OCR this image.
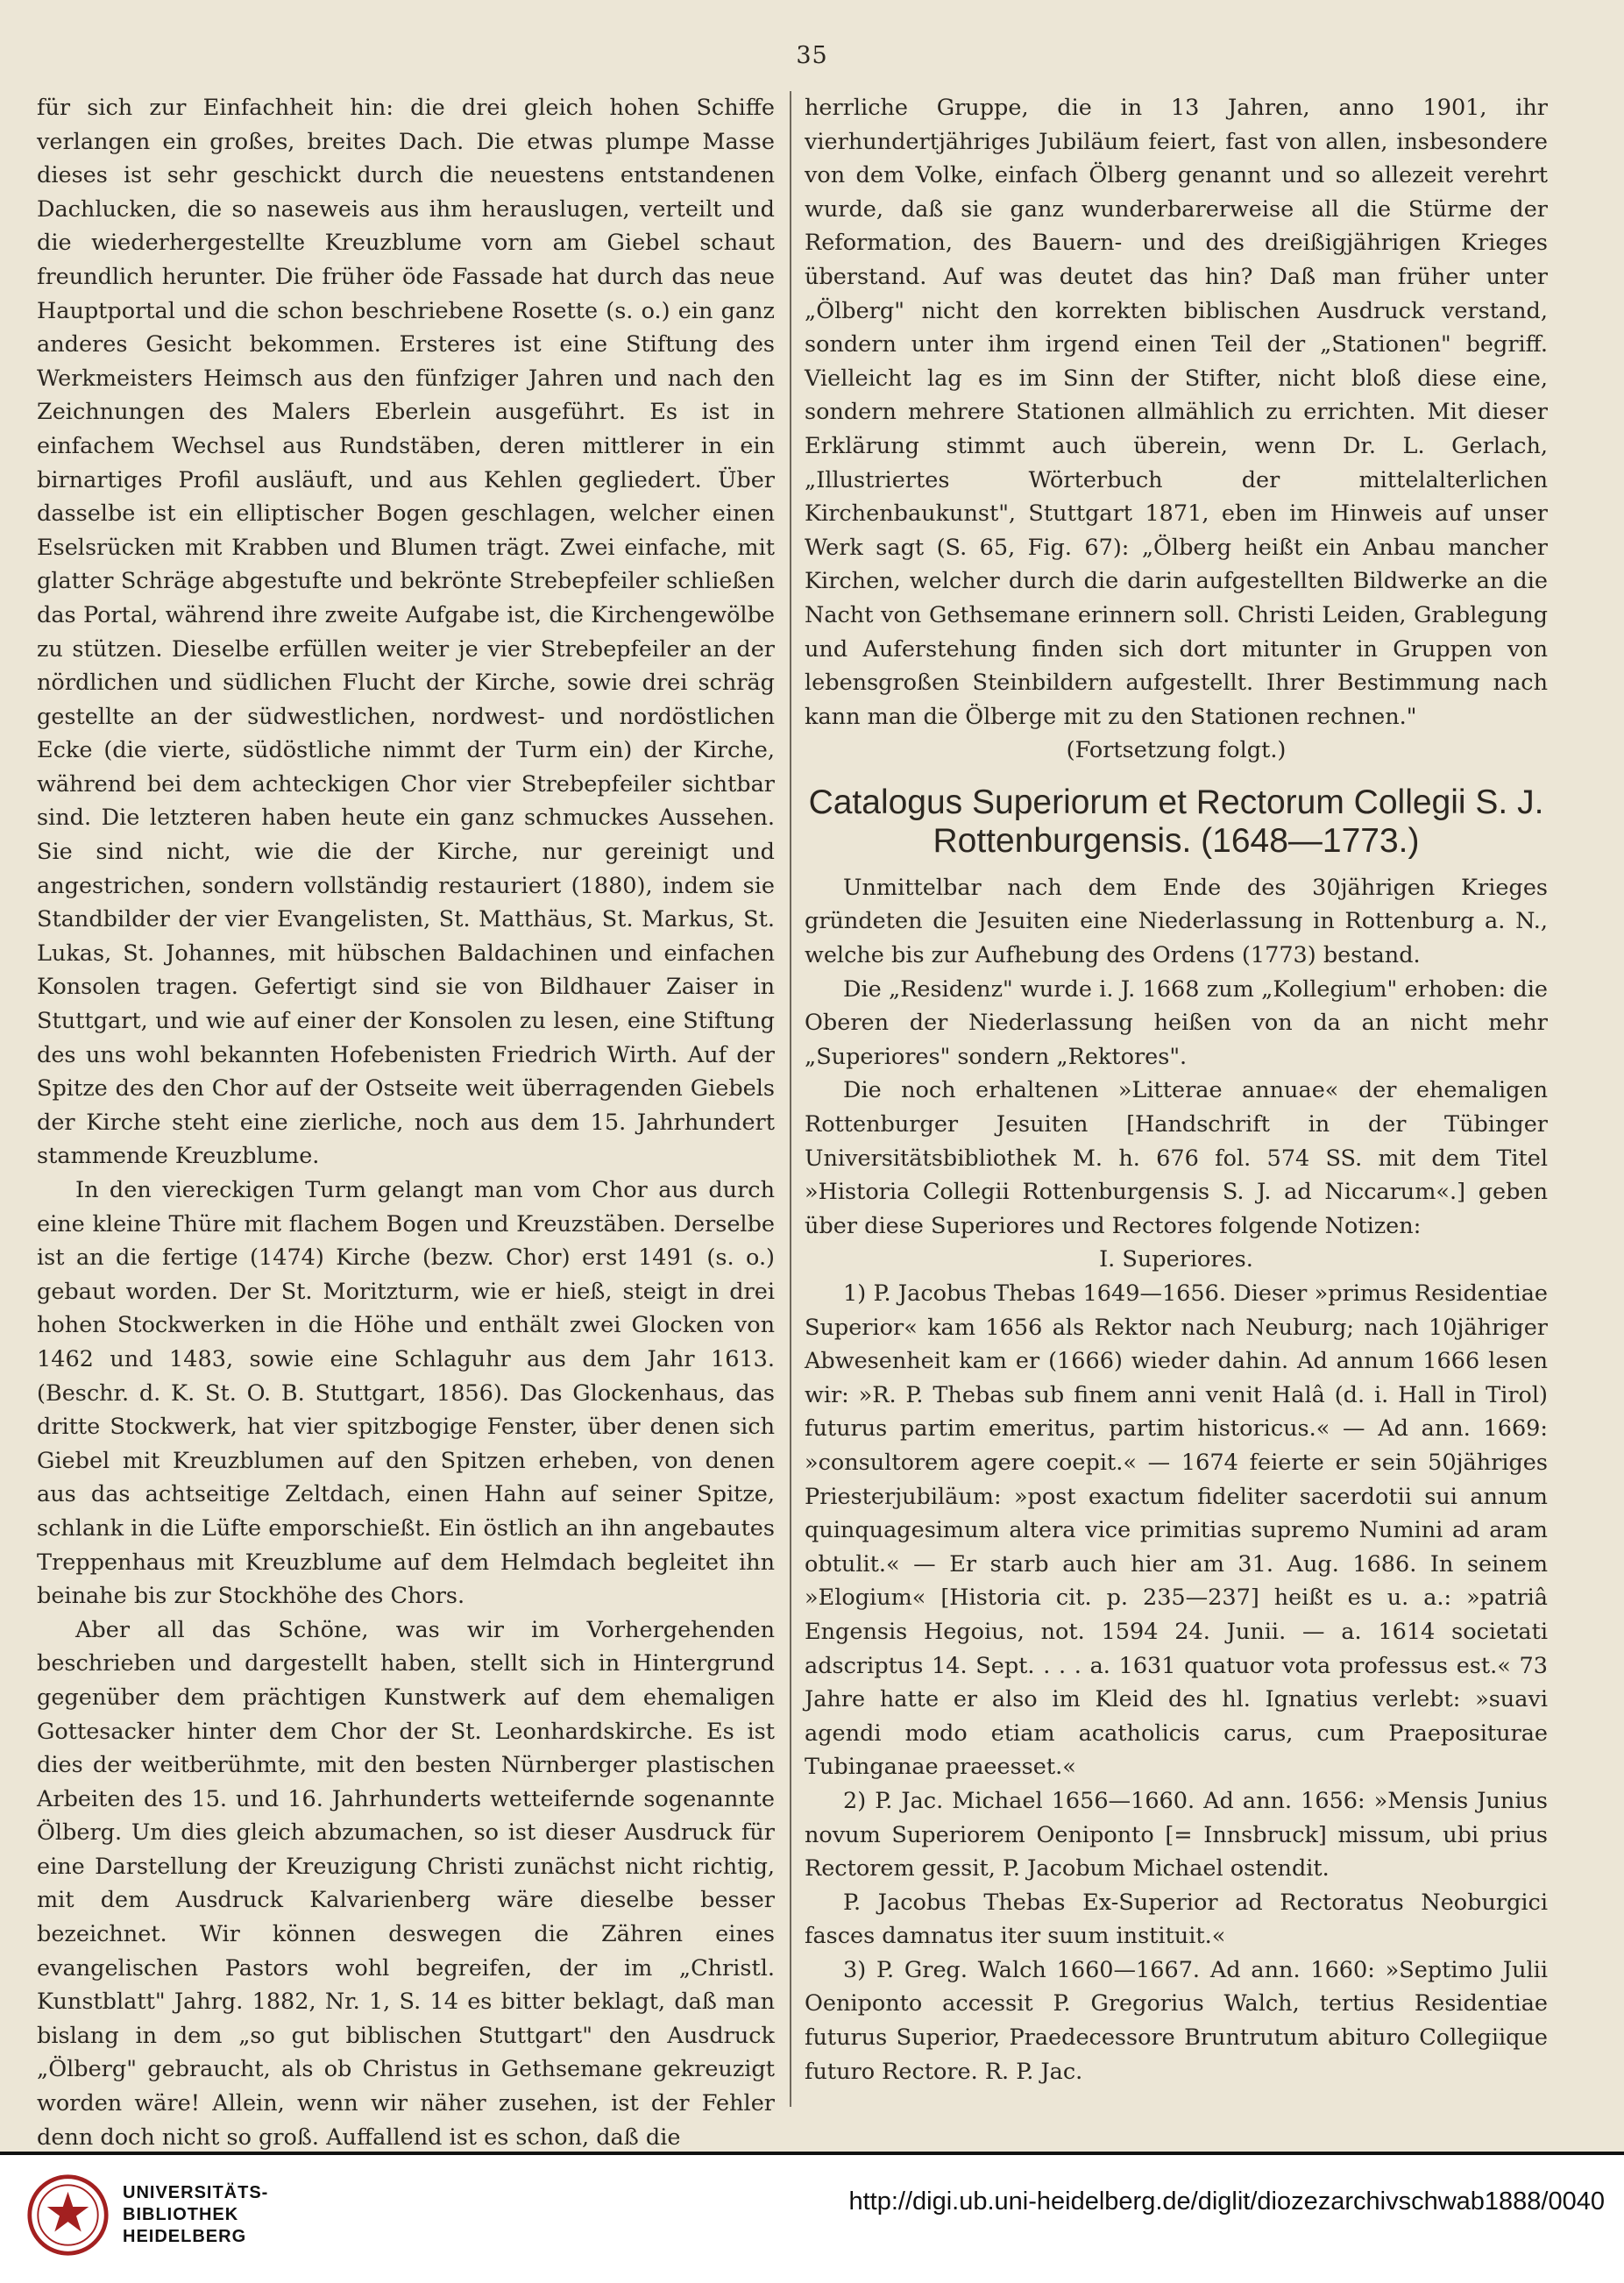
35

für sich zur Einfachheit hin: die drei gleich hohen Schiffe verlangen ein großes, breites Dach. Die etwas plumpe Masse dieses ist sehr geschickt durch die neuestens entstandenen Dachlucken, die so naseweis aus ihm herauslugen, verteilt und die wiederhergestellte Kreuzblume vorn am Giebel schaut freundlich herunter. Die früher öde Fassade hat durch das neue Hauptportal und die schon beschriebene Rosette (s. o.) ein ganz anderes Gesicht bekommen. Ersteres ist eine Stiftung des Werkmeisters Heimsch aus den fünfziger Jahren und nach den Zeichnungen des Malers Eberlein ausgeführt. Es ist in einfachem Wechsel aus Rundstäben, deren mittlerer in ein birnartiges Profil ausläuft, und aus Kehlen gegliedert. Über dasselbe ist ein elliptischer Bogen geschlagen, welcher einen Eselsrücken mit Krabben und Blumen trägt. Zwei einfache, mit glatter Schräge abgestufte und bekrönte Strebepfeiler schließen das Portal, während ihre zweite Aufgabe ist, die Kirchengewölbe zu stützen. Dieselbe erfüllen weiter je vier Strebepfeiler an der nördlichen und südlichen Flucht der Kirche, sowie drei schräg gestellte an der südwestlichen, nordwest- und nordöstlichen Ecke (die vierte, südöstliche nimmt der Turm ein) der Kirche, während bei dem achteckigen Chor vier Strebepfeiler sichtbar sind. Die letzteren haben heute ein ganz schmuckes Aussehen. Sie sind nicht, wie die der Kirche, nur gereinigt und angestrichen, sondern vollständig restauriert (1880), indem sie Standbilder der vier Evangelisten, St. Matthäus, St. Markus, St. Lukas, St. Johannes, mit hübschen Baldachinen und einfachen Konsolen tragen. Gefertigt sind sie von Bildhauer Zaiser in Stuttgart, und wie auf einer der Konsolen zu lesen, eine Stiftung des uns wohl bekannten Hofebenisten Friedrich Wirth. Auf der Spitze des den Chor auf der Ostseite weit überragenden Giebels der Kirche steht eine zierliche, noch aus dem 15. Jahrhundert stammende Kreuzblume.

In den viereckigen Turm gelangt man vom Chor aus durch eine kleine Thüre mit flachem Bogen und Kreuzstäben. Derselbe ist an die fertige (1474) Kirche (bezw. Chor) erst 1491 (s. o.) gebaut worden. Der St. Moritzturm, wie er hieß, steigt in drei hohen Stockwerken in die Höhe und enthält zwei Glocken von 1462 und 1483, sowie eine Schlaguhr aus dem Jahr 1613. (Beschr. d. K. St. O. B. Stuttgart, 1856). Das Glockenhaus, das dritte Stockwerk, hat vier spitzbogige Fenster, über denen sich Giebel mit Kreuzblumen auf den Spitzen erheben, von denen aus das achtseitige Zeltdach, einen Hahn auf seiner Spitze, schlank in die Lüfte emporschießt. Ein östlich an ihn angebautes Treppenhaus mit Kreuzblume auf dem Helmdach begleitet ihn beinahe bis zur Stockhöhe des Chors.

Aber all das Schöne, was wir im Vorhergehenden beschrieben und dargestellt haben, stellt sich in Hintergrund gegenüber dem prächtigen Kunstwerk auf dem ehemaligen Gottesacker hinter dem Chor der St. Leonhardskirche. Es ist dies der weitberühmte, mit den besten Nürnberger plastischen Arbeiten des 15. und 16. Jahrhunderts wetteifernde sogenannte Ölberg. Um dies gleich abzumachen, so ist dieser Ausdruck für eine Darstellung der Kreuzigung Christi zunächst nicht richtig, mit dem Ausdruck Kalvarienberg wäre dieselbe besser bezeichnet. Wir können deswegen die Zähren eines evangelischen Pastors wohl begreifen, der im „Christl. Kunstblatt" Jahrg. 1882, Nr. 1, S. 14 es bitter beklagt, daß man bislang in dem „so gut biblischen Stuttgart" den Ausdruck „Ölberg" gebraucht, als ob Christus in Gethsemane gekreuzigt worden wäre! Allein, wenn wir näher zusehen, ist der Fehler denn doch nicht so groß. Auffallend ist es schon, daß die

herrliche Gruppe, die in 13 Jahren, anno 1901, ihr vierhundertjähriges Jubiläum feiert, fast von allen, insbesondere von dem Volke, einfach Ölberg genannt und so allezeit verehrt wurde, daß sie ganz wunderbarerweise all die Stürme der Reformation, des Bauern- und des dreißigjährigen Krieges überstand. Auf was deutet das hin? Daß man früher unter „Ölberg" nicht den korrekten biblischen Ausdruck verstand, sondern unter ihm irgend einen Teil der „Stationen" begriff. Vielleicht lag es im Sinn der Stifter, nicht bloß diese eine, sondern mehrere Stationen allmählich zu errichten. Mit dieser Erklärung stimmt auch überein, wenn Dr. L. Gerlach, „Illustriertes Wörterbuch der mittelalterlichen Kirchenbaukunst", Stuttgart 1871, eben im Hinweis auf unser Werk sagt (S. 65, Fig. 67): „Ölberg heißt ein Anbau mancher Kirchen, welcher durch die darin aufgestellten Bildwerke an die Nacht von Gethsemane erinnern soll. Christi Leiden, Grablegung und Auferstehung finden sich dort mitunter in Gruppen von lebensgroßen Steinbildern aufgestellt. Ihrer Bestimmung nach kann man die Ölberge mit zu den Stationen rechnen."

(Fortsetzung folgt.)

Catalogus Superiorum et Rectorum Collegii S. J. Rottenburgensis. (1648—1773.)

Unmittelbar nach dem Ende des 30jährigen Krieges gründeten die Jesuiten eine Niederlassung in Rottenburg a. N., welche bis zur Aufhebung des Ordens (1773) bestand.

Die „Residenz" wurde i. J. 1668 zum „Kollegium" erhoben: die Oberen der Niederlassung heißen von da an nicht mehr „Superiores" sondern „Rektores".

Die noch erhaltenen »Litterae annuae« der ehemaligen Rottenburger Jesuiten [Handschrift in der Tübinger Universitätsbibliothek M. h. 676 fol. 574 SS. mit dem Titel »Historia Collegii Rottenburgensis S. J. ad Niccarum«.] geben über diese Superiores und Rectores folgende Notizen:

I. Superiores.

1) P. Jacobus Thebas 1649—1656. Dieser »primus Residentiae Superior« kam 1656 als Rektor nach Neuburg; nach 10jähriger Abwesenheit kam er (1666) wieder dahin. Ad annum 1666 lesen wir: »R. P. Thebas sub finem anni venit Halâ (d. i. Hall in Tirol) futurus partim emeritus, partim historicus.« — Ad ann. 1669: »consultorem agere coepit.« — 1674 feierte er sein 50jähriges Priesterjubiläum: »post exactum fideliter sacerdotii sui annum quinquagesimum altera vice primitias supremo Numini ad aram obtulit.« — Er starb auch hier am 31. Aug. 1686. In seinem »Elogium« [Historia cit. p. 235—237] heißt es u. a.: »patriâ Engensis Hegoius, not. 1594 24. Junii. — a. 1614 societati adscriptus 14. Sept. . . . a. 1631 quatuor vota professus est.« 73 Jahre hatte er also im Kleid des hl. Ignatius verlebt: »suavi agendi modo etiam acatholicis carus, cum Praepositurae Tubinganae praeesset.«

2) P. Jac. Michael 1656—1660. Ad ann. 1656: »Mensis Junius novum Superiorem Oeniponto [= Innsbruck] missum, ubi prius Rectorem gessit, P. Jacobum Michael ostendit.

P. Jacobus Thebas Ex-Superior ad Rectoratus Neoburgici fasces damnatus iter suum instituit.«

3) P. Greg. Walch 1660—1667. Ad ann. 1660: »Septimo Julii Oeniponto accessit P. Gregorius Walch, tertius Residentiae futurus Superior, Praedecessore Bruntrutum abituro Collegiique futuro Rectore. R. P. Jac.

UNIVERSITÄTS-
BIBLIOTHEK
HEIDELBERG
http://digi.ub.uni-heidelberg.de/diglit/diozezarchivschwab1888/0040
